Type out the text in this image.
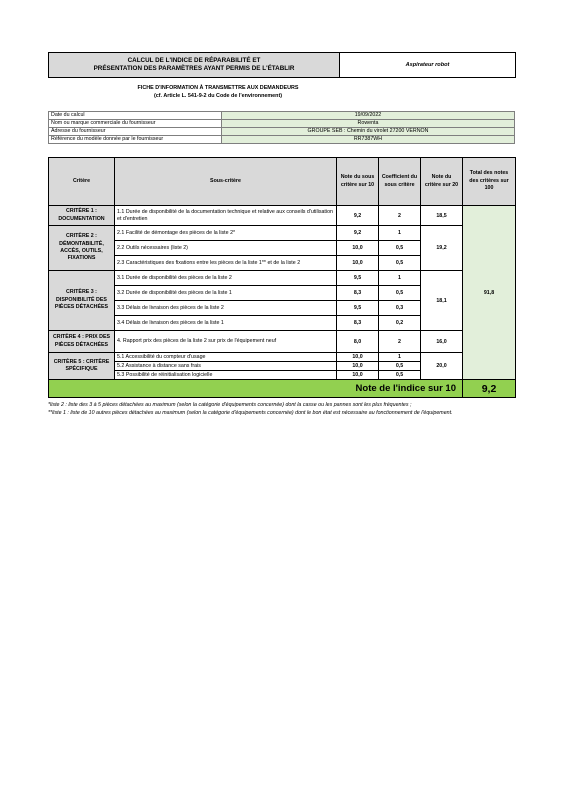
CALCUL DE L'INDICE DE RÉPARABILITÉ ET
PRÉSENTATION DES PARAMÈTRES AYANT PERMIS DE L'ÉTABLIR	Aspirateur robot
FICHE D'INFORMATION À TRANSMETTRE AUX DEMANDEURS
(cf. Article L. 541-9-2 du Code de l'environnement)
Date du calcul	19/09/2022
Nom ou marque commerciale du fournisseur	Rowenta
Adresse du fournisseur	GROUPE SEB : Chemin du virolet 27200 VERNON
Référence du modèle donnée par le fournisseur	RR7387WH
Critère	Sous-critère	Note du sous critère sur 10	Coefficient du sous critère	Note du critère sur 20	Total des notes des critères sur 100
CRITÈRE 1 : DOCUMENTATION	1.1 Durée de disponibilité de la documentation technique et relative aux conseils d'utilisation et d'entretien	9,2	2	18,5	91,8
CRITÈRE 2 : DÉMONTABILITÉ, ACCÈS, OUTILS, FIXATIONS	2.1 Facilité de démontage des pièces de la liste 2*	9,2	1	19,2	
	2.2 Outils nécessaires (liste 2)	10,0	0,5		
	2.3 Caractéristiques des fixations entre les pièces de la liste 1** et de la liste 2	10,0	0,5		
CRITÈRE 3 : DISPONIBILITÉ DES PIÈCES DÉTACHÉES	3.1 Durée de disponibilité des pièces de la liste 2	9,5	1	18,1	
	3.2 Durée de disponibilité des pièces de la liste 1	8,3	0,5		
	3.3 Délais de livraison des pièces de la liste 2	9,5	0,3		
	3.4 Délais de livraison des pièces de la liste 1	8,3	0,2		
CRITÈRE 4 : PRIX DES PIÈCES DÉTACHÉES	4. Rapport prix des pièces de la liste 2 sur prix de l'équipement neuf	8,0	2	16,0	
CRITÈRE 5 : CRITÈRE SPÉCIFIQUE	5.1 Accessibilité du compteur d'usage	10,0	1	20,0	
	5.2 Assistance à distance sans frais	10,0	0,5		
	5.3 Possibilité de réinitialisation logicielle	10,0	0,5		
Note de l'indice sur 10					9,2
*liste 2 : liste des 3 à 5 pièces détachées au maximum (selon la catégorie d'équipements concernée) dont la casse ou les pannes sont les plus fréquentes ;
**liste 1 : liste de 10 autres pièces détachées au maximum (selon la catégorie d'équipements concernée) dont le bon état est nécessaire au fonctionnement de l'équipement.
